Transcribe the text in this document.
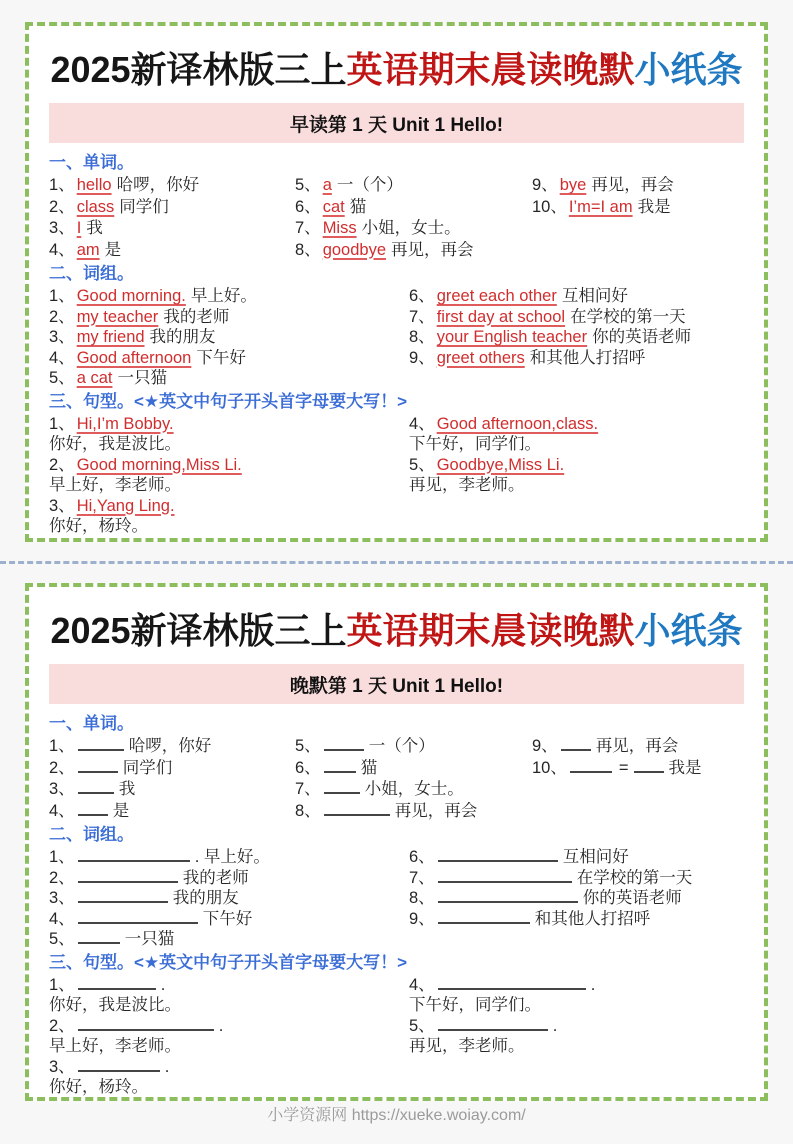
2025新译林版三上英语期末晨读晚默小纸条
早读第 1 天 Unit 1 Hello!
一、单词。
1、 hello 哈啰，你好
2、 class 同学们
3、 I 我
4、 am 是
5、 a 一（个）
6、 cat 猫
7、 Miss 小姐，女士。
8、 goodbye 再见，再会
9、 bye 再见，再会
10、 I’m=I am 我是
二、词组。
1、 Good morning. 早上好。
2、 my teacher 我的老师
3、 my friend 我的朋友
4、 Good afternoon 下午好
5、 a cat 一只猫
6、 greet each other 互相问好
7、 first day at school 在学校的第一天
8、 your English teacher 你的英语老师
9、 greet others 和其他人打招呼
三、句型。<★英文中句子开头首字母要大写！>
1、 Hi,I’m Bobby.
你好，我是波比。
2、 Good morning,Miss Li.
早上好，李老师。
3、 Hi,Yang Ling.
你好，杨玲。
4、 Good afternoon,class.
下午好，同学们。
5、 Goodbye,Miss Li.
再见，李老师。
2025新译林版三上英语期末晨读晚默小纸条
晚默第 1 天 Unit 1 Hello!
一、单词。
1、	哈啰，你好
2、	同学们
3、	我
4、 是
5、	一（个）
6、 猫
7、	小姐，女士。
8、	再见，再会
9、 再见，再会
10、	= 我是
二、词组。
1、	. 早上好。
2、	我的老师
3、	我的朋友
4、	下午好
5、	一只猫
6、	互相问好
7、	在学校的第一天
8、	你的英语老师
9、	和其他人打招呼
三、句型。<★英文中句子开头首字母要大写！>
1、	.
你好，我是波比。
2、	.
早上好，李老师。
3、	.
你好，杨玲。
4、	.
下午好，同学们。
5、	.
再见，李老师。
小学资源网 https://xueke.woiay.com/
